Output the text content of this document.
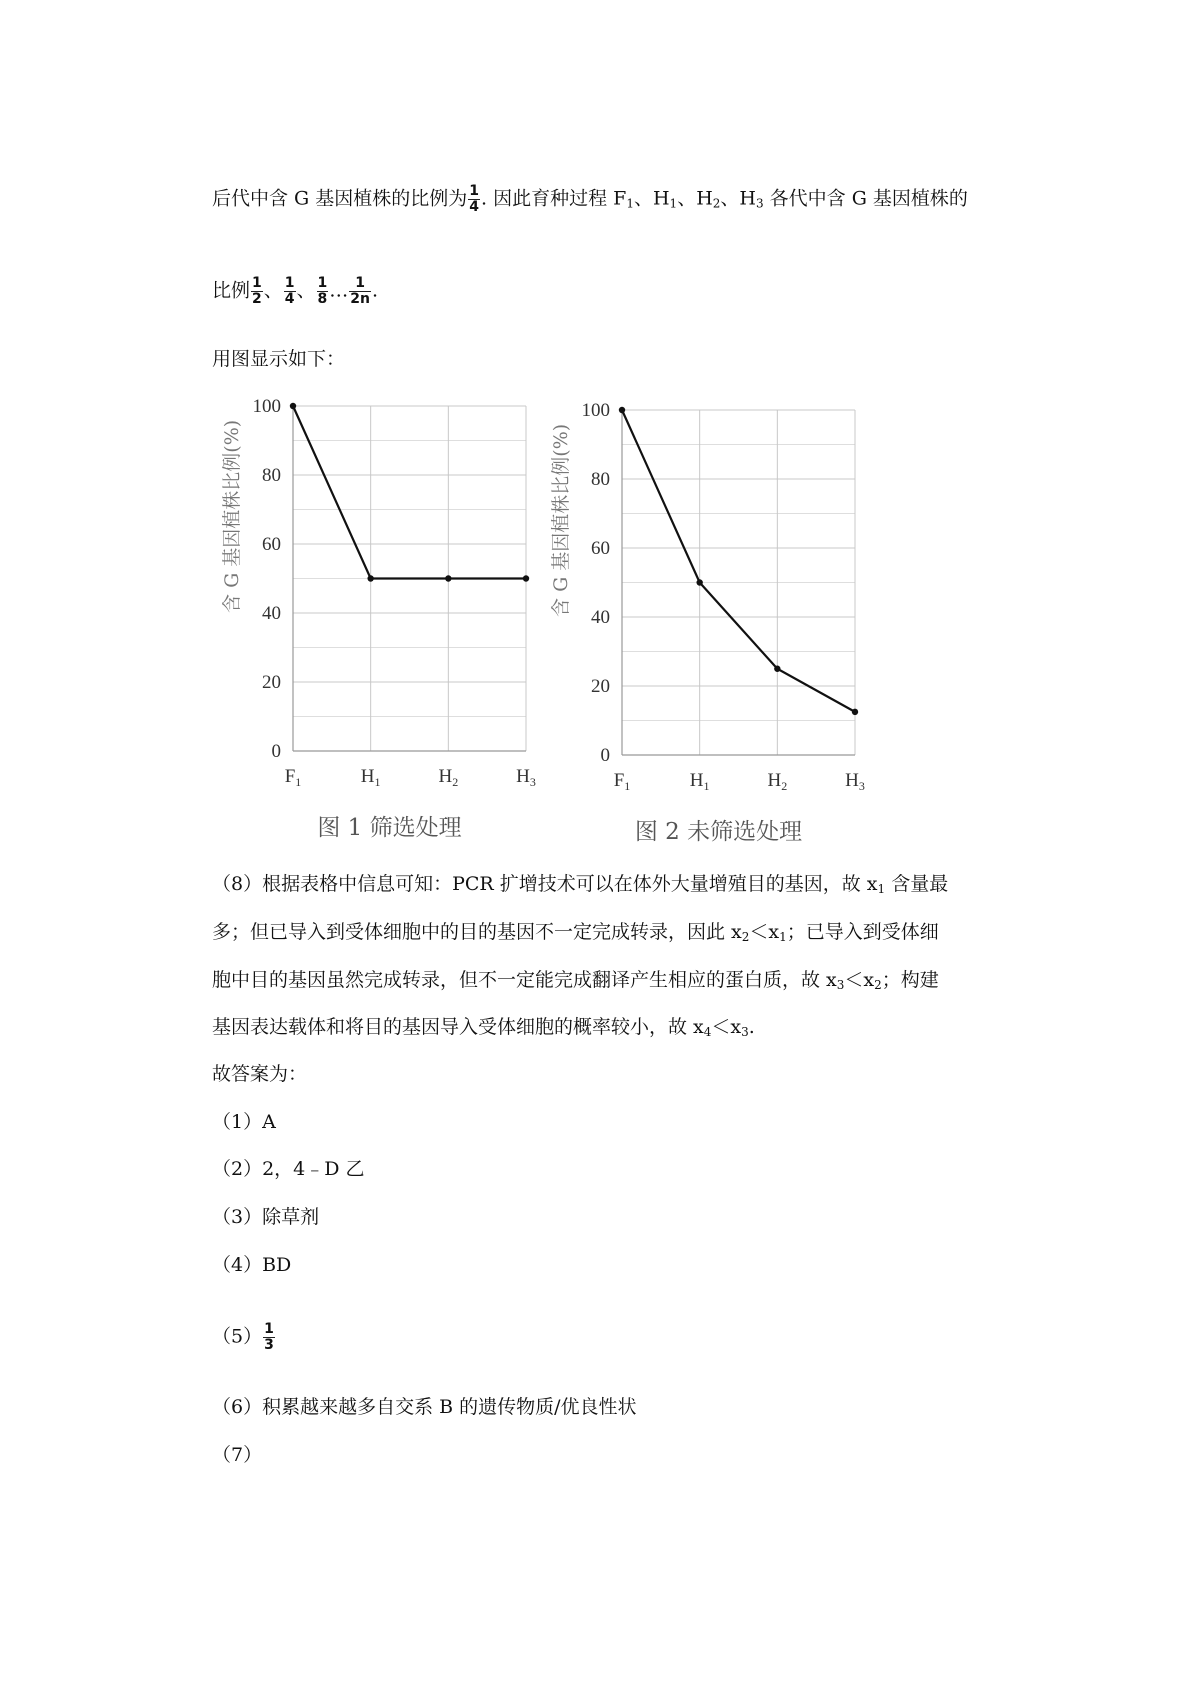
后代中含 G 基因植株的比例为 $\frac{1}{4}$ . 因此育种过程 $F_1$、$H_1$、$H_2$、$H_3$ 各代中含 G 基因植株的
比例 $\frac{1}{2}$ 、 $\frac{1}{4}$ 、 $\frac{1}{8}$ … $\frac{1}{2n}$ .
用图显示如下：
0
20
40
60
80
100
$F_1$	$H_1$	$H_2$	$H_3$
含 G 基因植株比例(%)
图 1 筛选处理
0
20
40
60
80
100
$F_1$	$H_1$	$H_2$	$H_3$
含 G 基因植株比例(%)
图 2 未筛选处理
（8）根据表格中信息可知：PCR 扩增技术可以在体外大量增殖目的基因，故 $x_1$ 含量最
多；但已导入到受体细胞中的目的基因不一定完成转录，因此 $x_2<x_1$；已导入到受体细
胞中目的基因虽然完成转录，但不一定能完成翻译产生相应的蛋白质，故 $x_3<x_2$；构建
基因表达载体和将目的基因导入受体细胞的概率较小，故 $x_4<x_3$.
故答案为：
（1）A
（2）2，4﹣D 乙
（3）除草剂
（4）BD
$(5) \frac{1}{3}$
（6）积累越来越多自交系 B 的遗传物质/优良性状
（7）
